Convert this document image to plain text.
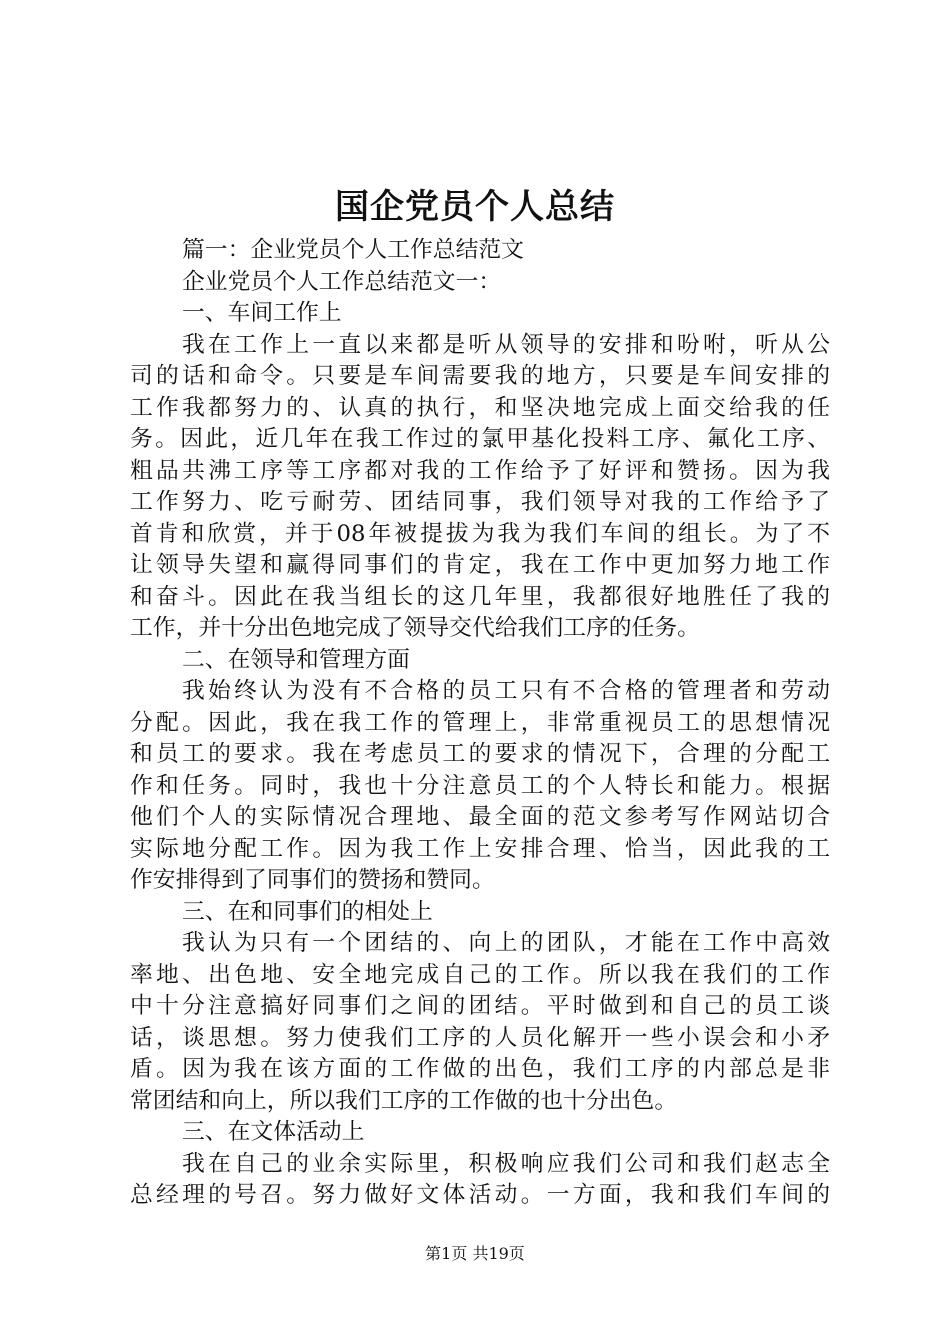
国企党员个人总结
篇一：企业党员个人工作总结范文
企业党员个人工作总结范文一：
一、车间工作上
我在工作上一直以来都是听从领导的安排和吩咐，听从公
司的话和命令。只要是车间需要我的地方，只要是车间安排的
工作我都努力的、认真的执行，和坚决地完成上面交给我的任
务。因此，近几年在我工作过的氯甲基化投料工序、氟化工序、
粗品共沸工序等工序都对我的工作给予了好评和赞扬。因为我
工作努力、吃亏耐劳、团结同事，我们领导对我的工作给予了
首肯和欣赏，并于08年被提拔为我为我们车间的组长。为了不
让领导失望和赢得同事们的肯定，我在工作中更加努力地工作
和奋斗。因此在我当组长的这几年里，我都很好地胜任了我的
工作，并十分出色地完成了领导交代给我们工序的任务。
二、在领导和管理方面
我始终认为没有不合格的员工只有不合格的管理者和劳动
分配。因此，我在我工作的管理上，非常重视员工的思想情况
和员工的要求。我在考虑员工的要求的情况下，合理的分配工
作和任务。同时，我也十分注意员工的个人特长和能力。根据
他们个人的实际情况合理地、最全面的范文参考写作网站切合
实际地分配工作。因为我工作上安排合理、恰当，因此我的工
作安排得到了同事们的赞扬和赞同。
三、在和同事们的相处上
我认为只有一个团结的、向上的团队，才能在工作中高效
率地、出色地、安全地完成自己的工作。所以我在我们的工作
中十分注意搞好同事们之间的团结。平时做到和自己的员工谈
话，谈思想。努力使我们工序的人员化解开一些小误会和小矛
盾。因为我在该方面的工作做的出色，我们工序的内部总是非
常团结和向上，所以我们工序的工作做的也十分出色。
三、在文体活动上
我在自己的业余实际里，积极响应我们公司和我们赵志全
总经理的号召。努力做好文体活动。一方面，我和我们车间的
第1页 共19页
